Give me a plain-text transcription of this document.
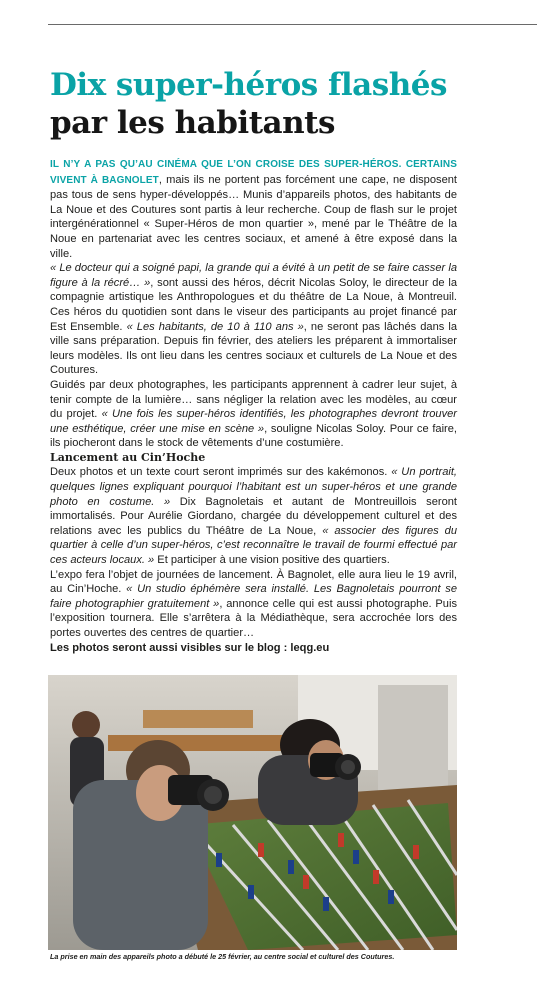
Dix super-héros flashés
par les habitants

IL N’Y A PAS QU’AU CINÉMA QUE L’ON CROISE DES SUPER-HÉROS. CERTAINS VIVENT À BAGNOLET, mais ils ne portent pas forcément une cape, ne disposent pas tous de sens hyper-développés… Munis d’appareils photos, des habitants de La Noue et des Coutures sont partis à leur recherche. Coup de flash sur le projet intergénérationnel « Super-Héros de mon quartier », mené par le Théâtre de la Noue en partenariat avec les centres sociaux, et amené à être exposé dans la ville.

« Le docteur qui a soigné papi, la grande qui a évité à un petit de se faire casser la figure à la récré… », sont aussi des héros, décrit Nicolas Soloy, le directeur de la compagnie artistique les Anthropologues et du théâtre de La Noue, à Montreuil. Ces héros du quotidien sont dans le viseur des participants au projet financé par Est Ensemble. « Les habitants, de 10 à 110 ans », ne seront pas lâchés dans la ville sans préparation. Depuis fin février, des ateliers les préparent à immortaliser leurs modèles. Ils ont lieu dans les centres sociaux et culturels de La Noue et des Coutures.

Guidés par deux photographes, les participants apprennent à cadrer leur sujet, à tenir compte de la lumière… sans négliger la relation avec les modèles, au cœur du projet. « Une fois les super-héros identifiés, les photographes devront trouver une esthétique, créer une mise en scène », souligne Nicolas Soloy. Pour ce faire, ils piocheront dans le stock de vêtements d’une costumière.

Lancement au Cin’Hoche

Deux photos et un texte court seront imprimés sur des kakémonos. « Un portrait, quelques lignes expliquant pourquoi l’habitant est un super-héros et une grande photo en costume. » Dix Bagnoletais et autant de Montreuillois seront immortalisés. Pour Aurélie Giordano, chargée du développement culturel et des relations avec les publics du Théâtre de La Noue, « associer des figures du quartier à celle d’un super-héros, c’est reconnaître le travail de fourmi effectué par ces acteurs locaux. » Et participer à une vision positive des quartiers.

L’expo fera l’objet de journées de lancement. À Bagnolet, elle aura lieu le 19 avril, au Cin’Hoche. « Un studio éphémère sera installé. Les Bagnoletais pourront se faire photographier gratuitement », annonce celle qui est aussi photographe. Puis l’exposition tournera. Elle s’arrêtera à la Médiathèque, sera accrochée lors des portes ouvertes des centres de quartier…

Les photos seront aussi visibles sur le blog : leqg.eu

La prise en main des appareils photo a débuté le 25 février, au centre social et culturel des Coutures.
